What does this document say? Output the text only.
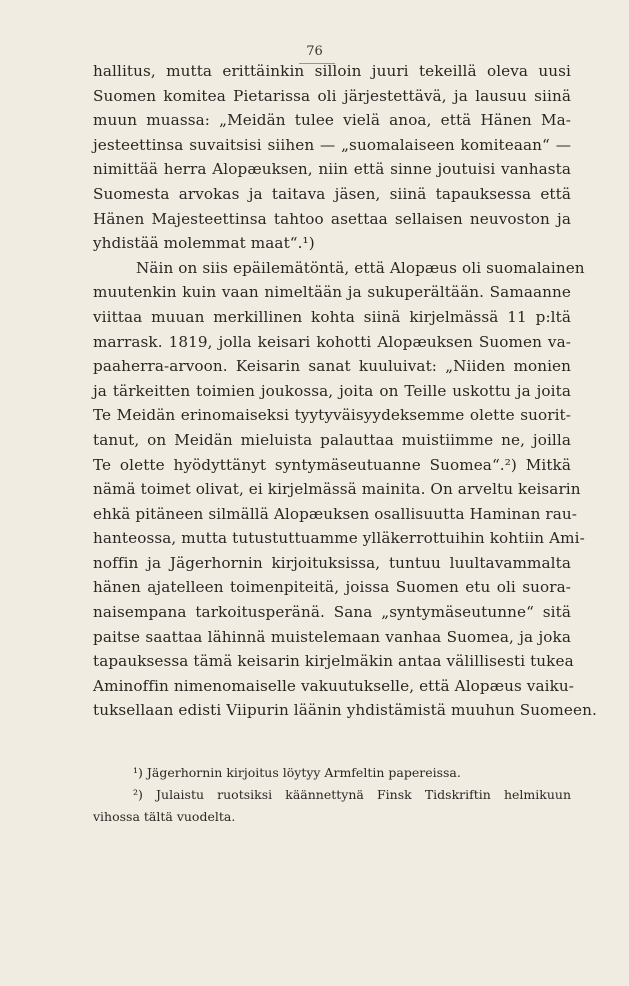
76
hallitus, mutta erittäinkin silloin juuri tekeillä oleva uusi
Suomen komitea Pietarissa oli järjestettävä, ja lausuu siinä
muun muassa: „Meidän tulee vielä anoa, että Hänen Ma-
jesteettinsa suvaitsisi siihen — „suomalaiseen komiteaan“ —
nimittää herra Alopæuksen, niin että sinne joutuisi vanhasta
Suomesta arvokas ja taitava jäsen, siinä tapauksessa että
Hänen Majesteettinsa tahtoo asettaa sellaisen neuvoston ja
yhdistää molemmat maat“.¹)
Näin on siis epäilemätöntä, että Alopæus oli suomalainen
muutenkin kuin vaan nimeltään ja sukuperältään. Samaanne
viittaa muuan merkillinen kohta siinä kirjelmässä 11 p:ltä
marrask. 1819, jolla keisari kohotti Alopæuksen Suomen va-
paaherra-arvoon. Keisarin sanat kuuluivat: „Niiden monien
ja tärkeitten toimien joukossa, joita on Teille uskottu ja joita
Te Meidän erinomaiseksi tyytyväisyydeksemme olette suorit-
tanut, on Meidän mieluista palauttaa muistiimme ne, joilla
Te olette hyödyttänyt syntymäseutuanne Suomea“.²) Mitkä
nämä toimet olivat, ei kirjelmässä mainita. On arveltu keisarin
ehkä pitäneen silmällä Alopæuksen osallisuutta Haminan rau-
hanteossa, mutta tutustuttuamme ylläkerrottuihin kohtiin Ami-
noffin ja Jägerhornin kirjoituksissa, tuntuu luultavammalta
hänen ajatelleen toimenpiteitä, joissa Suomen etu oli suora-
naisempana tarkoitusperänä. Sana „syntymäseutunne“ sitä
paitse saattaa lähinnä muistelemaan vanhaa Suomea, ja joka
tapauksessa tämä keisarin kirjelmäkin antaa välillisesti tukea
Aminoffin nimenomaiselle vakuutukselle, että Alopæus vaiku-
tuksellaan edisti Viipurin läänin yhdistämistä muuhun Suomeen.
¹) Jägerhornin kirjoitus löytyy Armfeltin papereissa.
²) Julaistu ruotsiksi käännettynä Finsk Tidskriftin helmikuun
vihossa tältä vuodelta.
